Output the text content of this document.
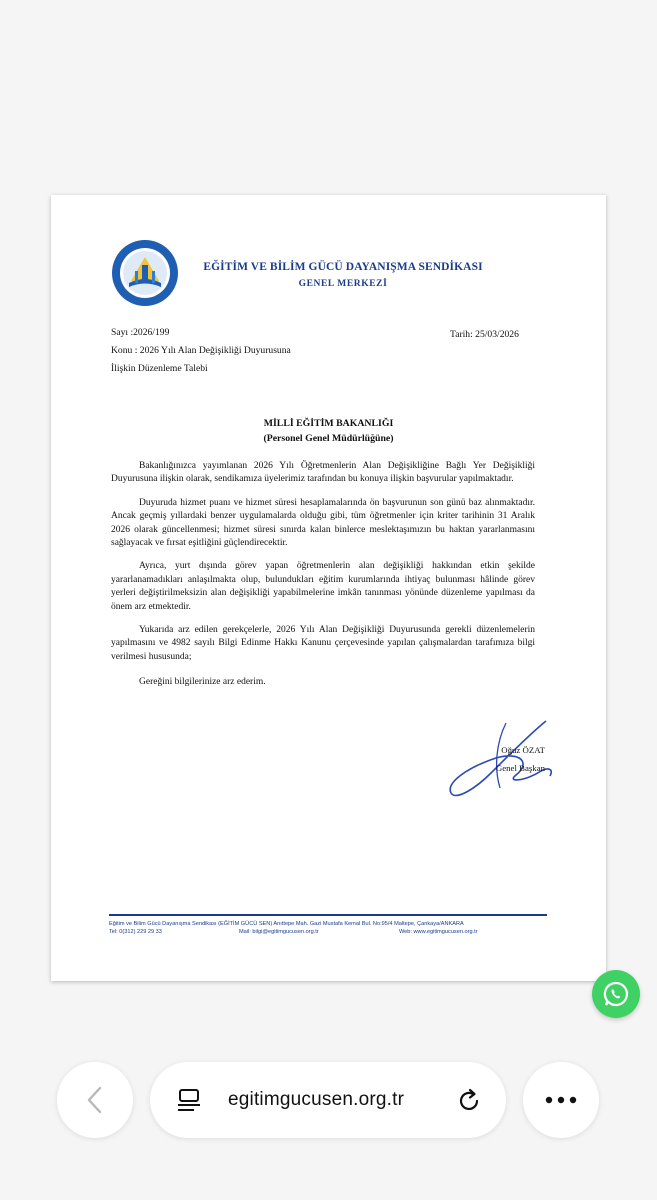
EĞİTİM VE BİLİM GÜCÜ DAYANIŞMA SENDİKASI
GENEL MERKEZİ
Sayı :2026/199	Tarih: 25/03/2026
Konu : 2026 Yılı Alan Değişikliği Duyurusuna
İlişkin Düzenleme Talebi
MİLLİ EĞİTİM BAKANLIĞI
(Personel Genel Müdürlüğüne)

Bakanlığınızca yayımlanan 2026 Yılı Öğretmenlerin Alan Değişikliğine Bağlı Yer Değişikliği Duyurusuna ilişkin olarak, sendikamıza üyelerimiz tarafından bu konuya ilişkin başvurular yapılmaktadır.

Duyuruda hizmet puanı ve hizmet süresi hesaplamalarında ön başvurunun son günü baz alınmaktadır. Ancak geçmiş yıllardaki benzer uygulamalarda olduğu gibi, tüm öğretmenler için kriter tarihinin 31 Aralık 2026 olarak güncellenmesi; hizmet süresi sınırda kalan binlerce meslektaşımızın bu haktan yararlanmasını sağlayacak ve fırsat eşitliğini güçlendirecektir.

Ayrıca, yurt dışında görev yapan öğretmenlerin alan değişikliği hakkından etkin şekilde yararlanamadıkları anlaşılmakta olup, bulundukları eğitim kurumlarında ihtiyaç bulunması hâlinde görev yerleri değiştirilmeksizin alan değişikliği yapabilmelerine imkân tanınması yönünde düzenleme yapılması da önem arz etmektedir.

Yukarıda arz edilen gerekçelerle, 2026 Yılı Alan Değişikliği Duyurusunda gerekli düzenlemelerin yapılmasını ve 4982 sayılı Bilgi Edinme Hakkı Kanunu çerçevesinde yapılan çalışmalardan tarafımıza bilgi verilmesi hususunda;

Gereğini bilgilerinize arz ederim.

Oğuz ÖZAT
Genel Başkan
Eğitim ve Bilim Gücü Dayanışma Sendikası (EĞİTİM GÜCÜ SEN) Anıttepe Mah. Gazi Mustafa Kemal Bul. No:95/4 Maltepe, Çankaya/ANKARA
Tel: 0(312) 229 29 33	Mail: bilgi@egitimgucusen.org.tr	Web: www.egitimgucusen.org.tr
egitimgucusen.org.tr
